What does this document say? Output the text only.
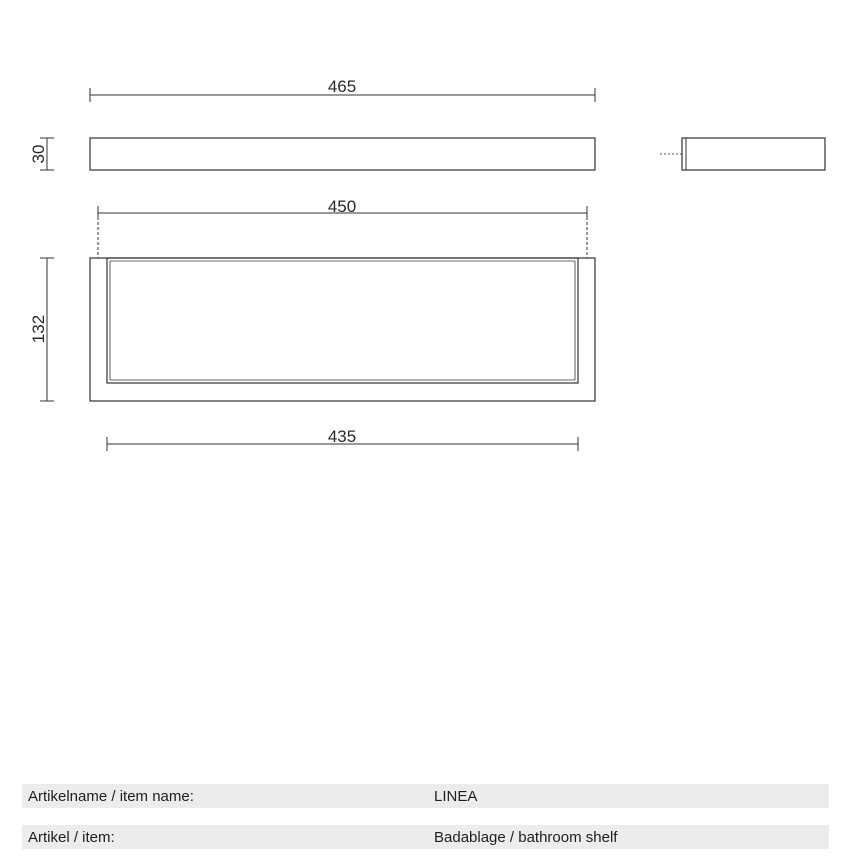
465
30
450
132
435
Artikelname / item name:	LINEA
Artikel / item:	Badablage / bathroom shelf
